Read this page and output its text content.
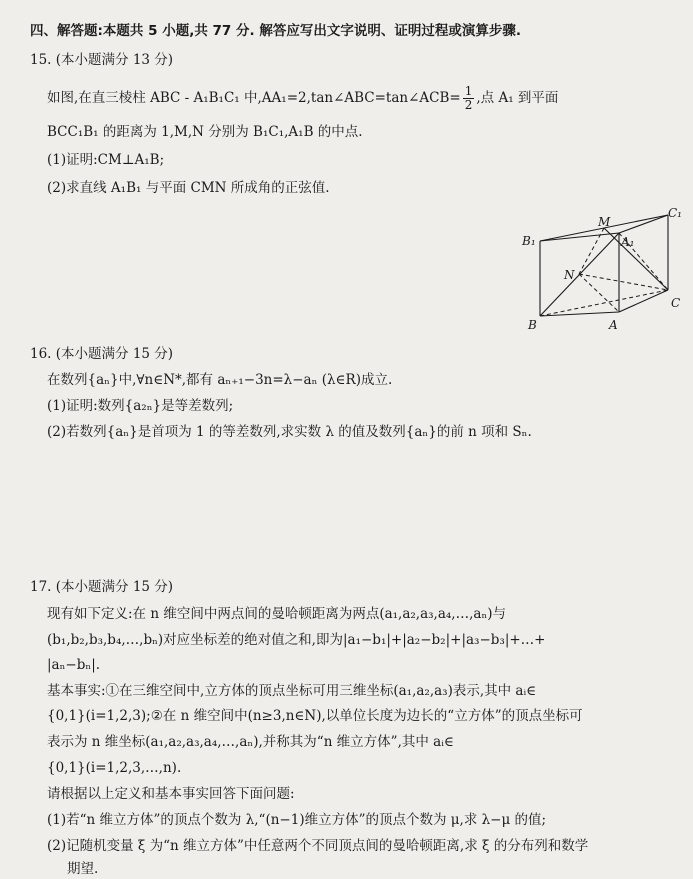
四、解答题:本题共 5 小题,共 77 分. 解答应写出文字说明、证明过程或演算步骤.
15. (本小题满分 13 分)
如图,在直三棱柱 ABC - A₁B₁C₁ 中,AA₁=2,tan∠ABC=tan∠ACB= $\frac{1}{2}$ ,点 A₁ 到平面
BCC₁B₁ 的距离为 1,M,N 分别为 B₁C₁,A₁B 的中点.
(1)证明:CM⊥A₁B;
(2)求直线 A₁B₁ 与平面 CMN 所成角的正弦值.
B₁
M
C₁
A₁
N
C
B	A
16. (本小题满分 15 分)
在数列{aₙ}中,∀n∈N*,都有 aₙ₊₁−3n=λ−aₙ (λ∈R)成立.
(1)证明:数列{a₂ₙ}是等差数列;
(2)若数列{aₙ}是首项为 1 的等差数列,求实数 λ 的值及数列{aₙ}的前 n 项和 Sₙ.
17. (本小题满分 15 分)
现有如下定义:在 n 维空间中两点间的曼哈顿距离为两点(a₁,a₂,a₃,a₄,…,aₙ)与
(b₁,b₂,b₃,b₄,…,bₙ)对应坐标差的绝对值之和,即为|a₁−b₁|+|a₂−b₂|+|a₃−b₃|+…+
|aₙ−bₙ|.
基本事实:①在三维空间中,立方体的顶点坐标可用三维坐标(a₁,a₂,a₃)表示,其中 aᵢ∈
{0,1}(i=1,2,3);②在 n 维空间中(n≥3,n∈N),以单位长度为边长的“立方体”的顶点坐标可
表示为 n 维坐标(a₁,a₂,a₃,a₄,…,aₙ),并称其为“n 维立方体”,其中 aᵢ∈
{0,1}(i=1,2,3,…,n).
请根据以上定义和基本事实回答下面问题:
(1)若“n 维立方体”的顶点个数为 λ,“(n−1)维立方体”的顶点个数为 μ,求 λ−μ 的值;
(2)记随机变量 ξ 为“n 维立方体”中任意两个不同顶点间的曼哈顿距离,求 ξ 的分布列和数学
期望.
